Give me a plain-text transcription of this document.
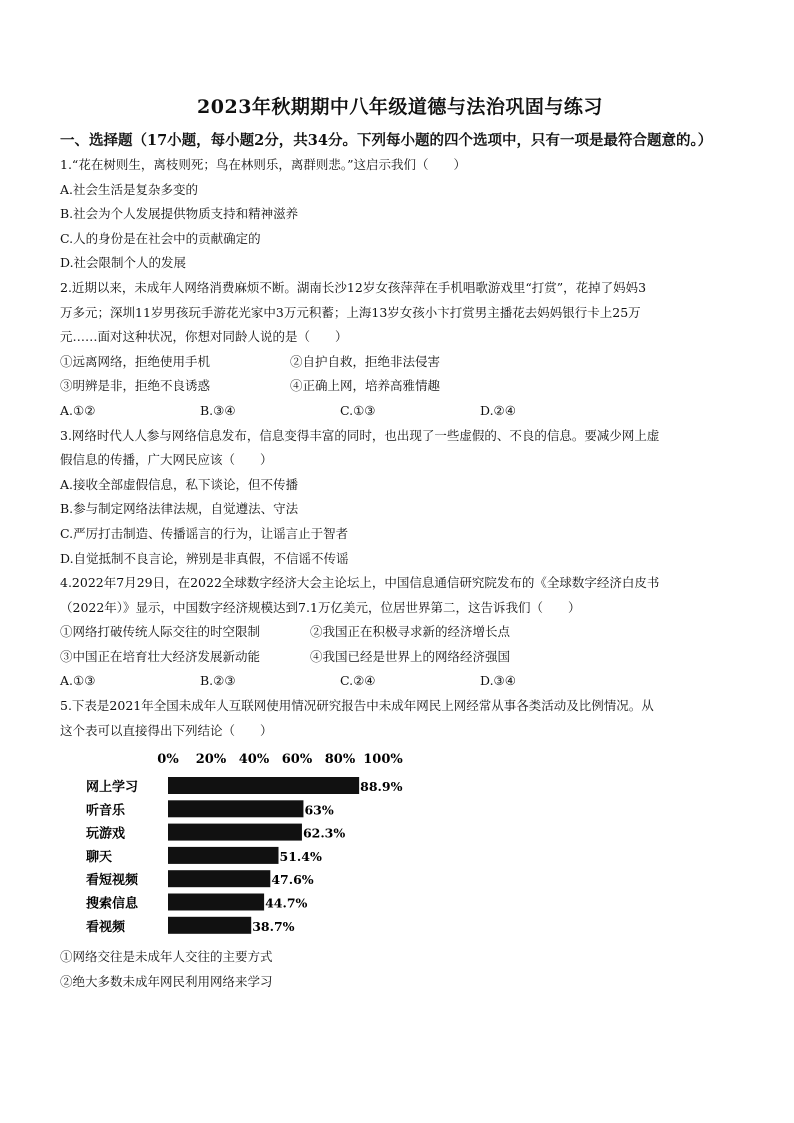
2023年秋期期中八年级道德与法治巩固与练习

一、选择题（17小题，每小题2分，共34分。下列每小题的四个选项中，只有一项是最符合题意的。）

1.“花在树则生，离枝则死；鸟在林则乐，离群则悲。”这启示我们（　　）

A.社会生活是复杂多变的

B.社会为个人发展提供物质支持和精神滋养

C.人的身份是在社会中的贡献确定的

D.社会限制个人的发展

2.近期以来，未成年人网络消费麻烦不断。湖南长沙12岁女孩萍萍在手机唱歌游戏里“打赏”，花掉了妈妈3

万多元；深圳11岁男孩玩手游花光家中3万元积蓄；上海13岁女孩小卞打赏男主播花去妈妈银行卡上25万

元……面对这种状况，你想对同龄人说的是（　　）

①远离网络，拒绝使用手机	②自护自救，拒绝非法侵害
③明辨是非，拒绝不良诱惑	④正确上网，培养高雅情趣
A.①②	B.③④	C.①③	D.②④

3.网络时代人人参与网络信息发布，信息变得丰富的同时，也出现了一些虚假的、不良的信息。要减少网上虚

假信息的传播，广大网民应该（　　）

A.接收全部虚假信息，私下谈论，但不传播

B.参与制定网络法律法规，自觉遵法、守法

C.严厉打击制造、传播谣言的行为，让谣言止于智者

D.自觉抵制不良言论，辨别是非真假，不信谣不传谣

4.2022年7月29日，在2022全球数字经济大会主论坛上，中国信息通信研究院发布的《全球数字经济白皮书

（2022年）》显示，中国数字经济规模达到7.1万亿美元，位居世界第二，这告诉我们（　　）

①网络打破传统人际交往的时空限制	②我国正在积极寻求新的经济增长点
③中国正在培育壮大经济发展新动能	④我国已经是世界上的网络经济强国
A.①③	B.②③	C.②④	D.③④

5.下表是2021年全国未成年人互联网使用情况研究报告中未成年网民上网经常从事各类活动及比例情况。从

这个表可以直接得出下列结论（　　）

0% 20% 40% 60% 80% 100%
网上学习	88.9%
听音乐	63%
玩游戏	62.3%
聊天	51.4%
看短视频	47.6%
搜索信息	44.7%
看视频	38.7%

①网络交往是未成年人交往的主要方式

②绝大多数未成年网民利用网络来学习
